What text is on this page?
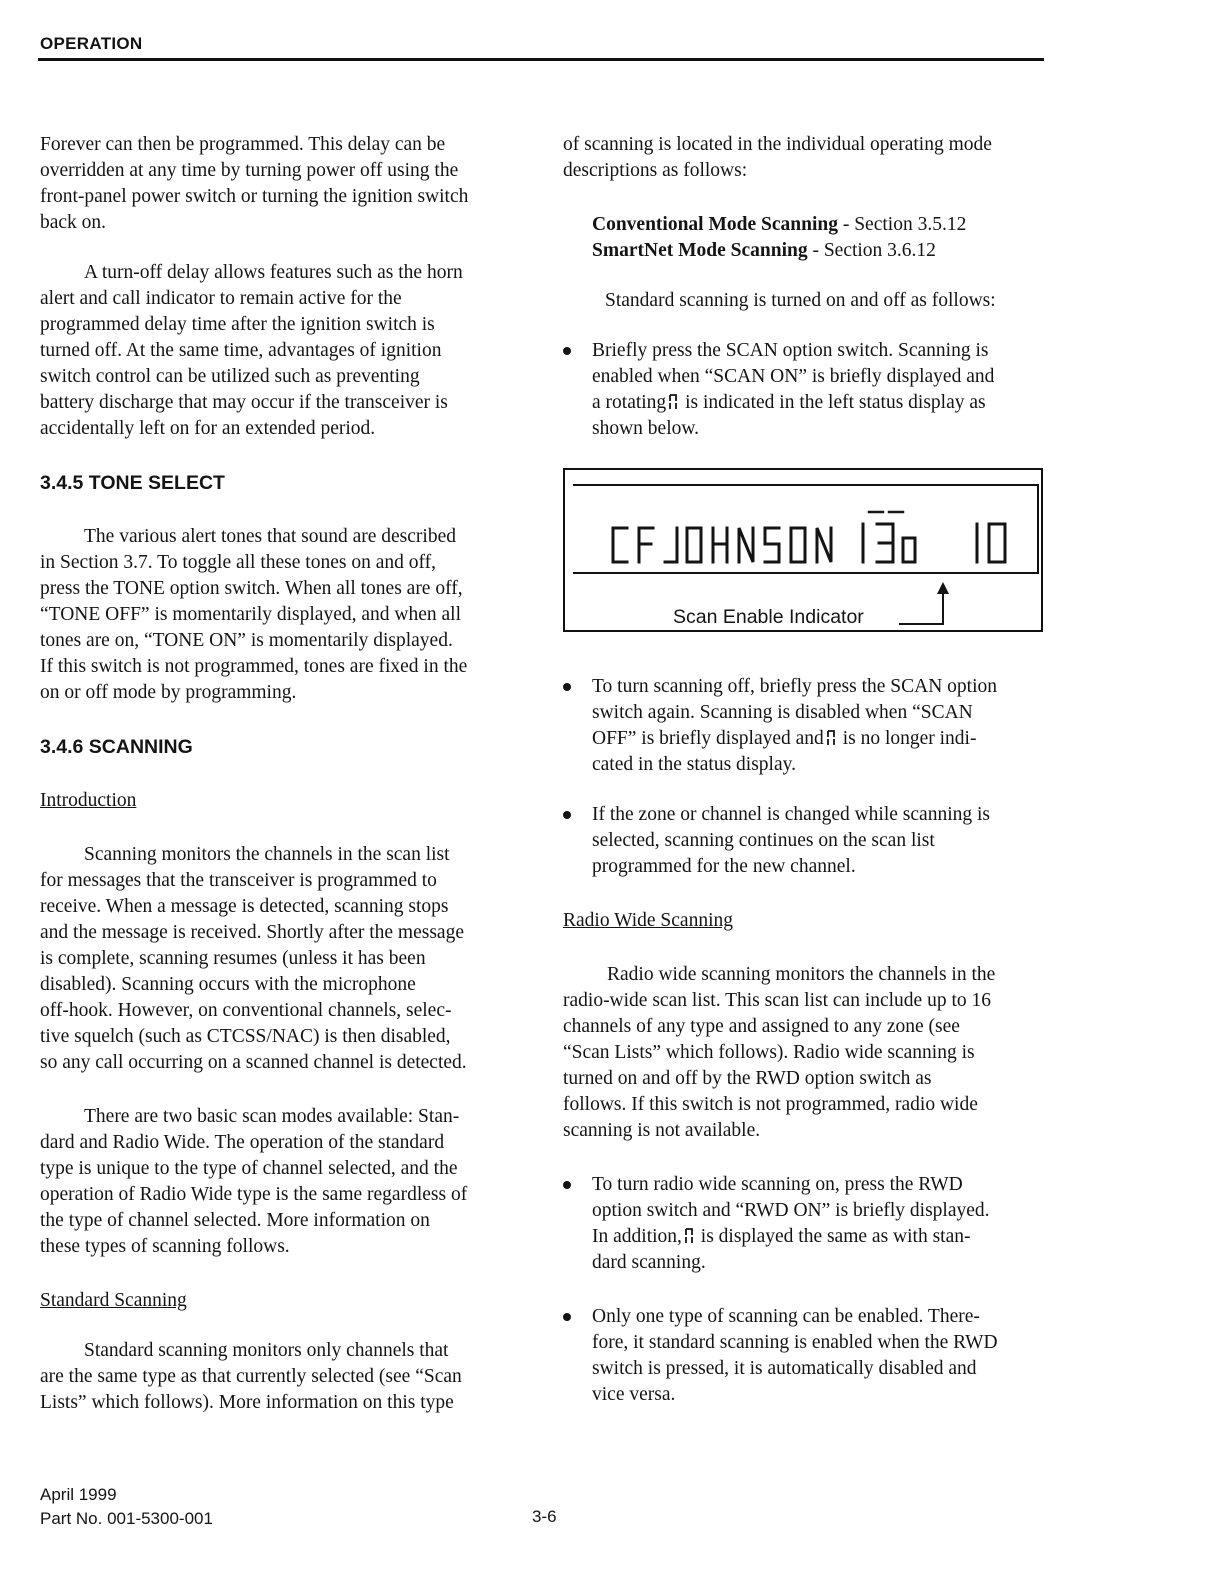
OPERATION

Forever can then be programmed. This delay can be
overridden at any time by turning power off using the
front-panel power switch or turning the ignition switch
back on.

A turn-off delay allows features such as the horn
alert and call indicator to remain active for the
programmed delay time after the ignition switch is
turned off. At the same time, advantages of ignition
switch control can be utilized such as preventing
battery discharge that may occur if the transceiver is
accidentally left on for an extended period.

3.4.5 TONE SELECT

The various alert tones that sound are described
in Section 3.7. To toggle all these tones on and off,
press the TONE option switch. When all tones are off,
“TONE OFF” is momentarily displayed, and when all
tones are on, “TONE ON” is momentarily displayed.
If this switch is not programmed, tones are fixed in the
on or off mode by programming.

3.4.6 SCANNING

Introduction

Scanning monitors the channels in the scan list
for messages that the transceiver is programmed to
receive. When a message is detected, scanning stops
and the message is received. Shortly after the message
is complete, scanning resumes (unless it has been
disabled). Scanning occurs with the microphone
off-hook. However, on conventional channels, selec-
tive squelch (such as CTCSS/NAC) is then disabled,
so any call occurring on a scanned channel is detected.

There are two basic scan modes available: Stan-
dard and Radio Wide. The operation of the standard
type is unique to the type of channel selected, and the
operation of Radio Wide type is the same regardless of
the type of channel selected. More information on
these types of scanning follows.

Standard Scanning

Standard scanning monitors only channels that
are the same type as that currently selected (see “Scan
Lists” which follows). More information on this type

of scanning is located in the individual operating mode
descriptions as follows:

Conventional Mode Scanning - Section 3.5.12
SmartNet Mode Scanning - Section 3.6.12

Standard scanning is turned on and off as follows:

Briefly press the SCAN option switch. Scanning is
enabled when “SCAN ON” is briefly displayed and
a rotating
is indicated in the left status display as
shown below.

Scan Enable Indicator

To turn scanning off, briefly press the SCAN option
switch again. Scanning is disabled when “SCAN
OFF” is briefly displayed and
is no longer indi-
cated in the status display.

If the zone or channel is changed while scanning is
selected, scanning continues on the scan list
programmed for the new channel.

Radio Wide Scanning

Radio wide scanning monitors the channels in the
radio-wide scan list. This scan list can include up to 16
channels of any type and assigned to any zone (see
“Scan Lists” which follows). Radio wide scanning is
turned on and off by the RWD option switch as
follows. If this switch is not programmed, radio wide
scanning is not available.

To turn radio wide scanning on, press the RWD
option switch and “RWD ON” is briefly displayed.
In addition,
is displayed the same as with stan-
dard scanning.

Only one type of scanning can be enabled. There-
fore, it standard scanning is enabled when the RWD
switch is pressed, it is automatically disabled and
vice versa.

April 1999
Part No. 001-5300-001	3-6
